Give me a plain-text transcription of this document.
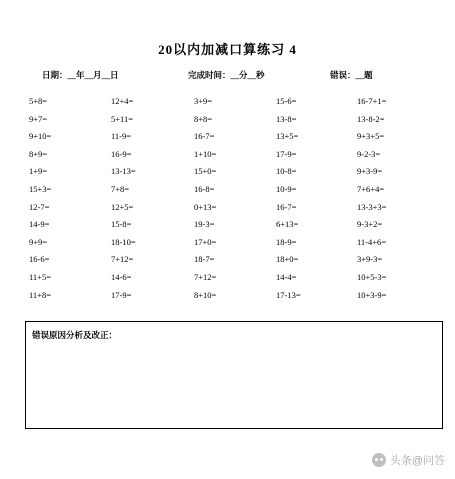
20以内加减口算练习 4
日期：__年__月__日	完成时间：__分__秒	错误：__题
5+8=	12+4=	3+9=	15-6=	16-7+1=
9+7=	5+11=	8+8=	13-8=	13-8-2=
9+10=	11-9=	16-7=	13+5=	9+3+5=
8+9=	16-9=	1+10=	17-9=	9-2-3=
1+9=	13-13=	15+0=	10-8=	9+3-9=
15+3=	7+8=	16-8=	10-9=	7+6+4=
12-7=	12+5=	0+13=	16-7=	13-3+3=
14-9=	15-8=	19-3=	6+13=	9-3+2=
9+9=	18-10=	17+0=	18-9=	11-4+6=
16-6=	7+12=	18-7=	18+0=	3+9-3=
11+5=	14-6=	7+12=	14-4=	10+5-3=
11+8=	17-9=	8+10=	17-13=	10+3-9=
错误原因分析及改正：
头条@问答
